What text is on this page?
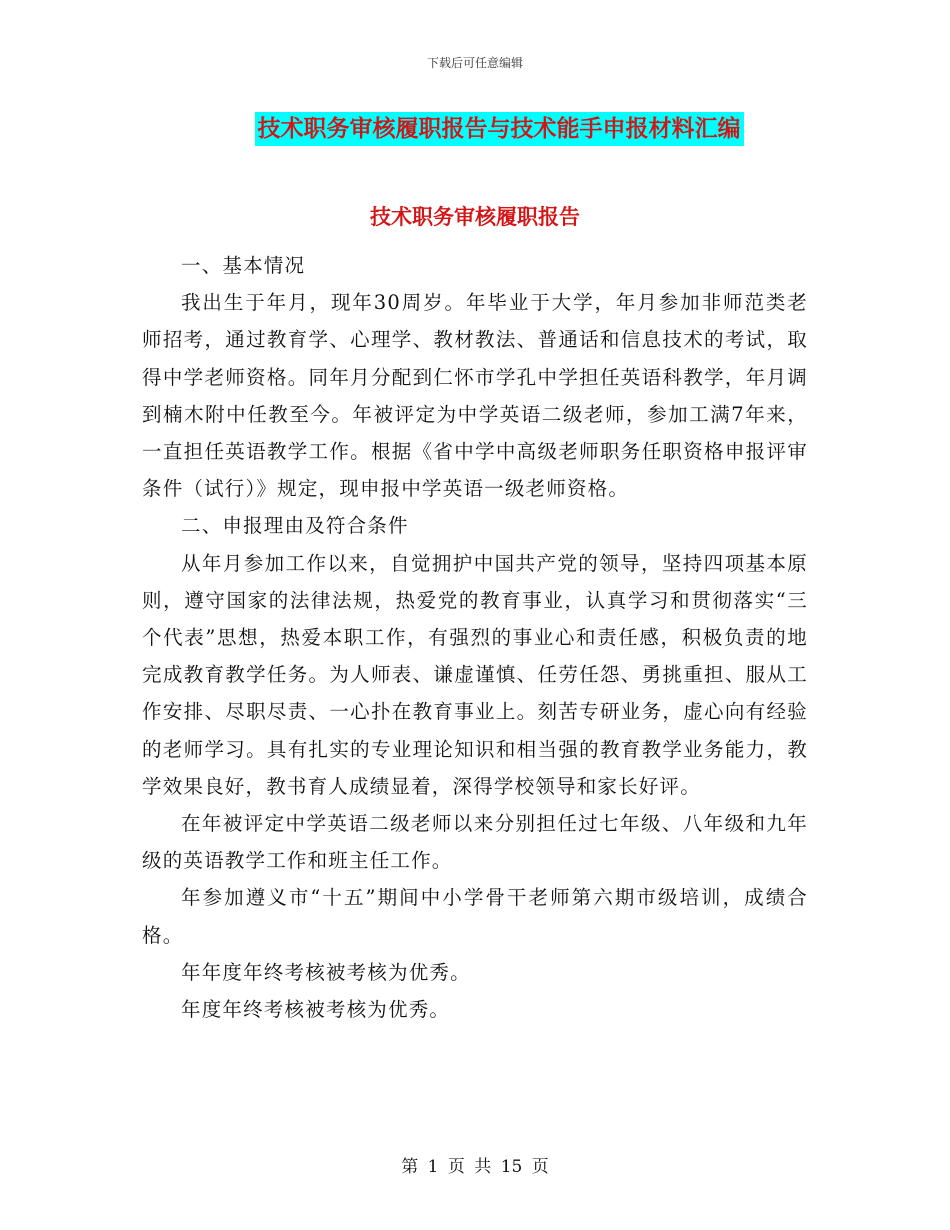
下载后可任意编辑
技术职务审核履职报告与技术能手申报材料汇编
技术职务审核履职报告

一、基本情况

我出生于年月，现年30周岁。年毕业于大学，年月参加非师范类老师招考，通过教育学、心理学、教材教法、普通话和信息技术的考试，取得中学老师资格。同年月分配到仁怀市学孔中学担任英语科教学，年月调到楠木附中任教至今。年被评定为中学英语二级老师，参加工满7年来，一直担任英语教学工作。根据《省中学中高级老师职务任职资格申报评审条件（试行）》规定，现申报中学英语一级老师资格。

二、申报理由及符合条件

从年月参加工作以来，自觉拥护中国共产党的领导，坚持四项基本原则，遵守国家的法律法规，热爱党的教育事业，认真学习和贯彻落实“三个代表”思想，热爱本职工作，有强烈的事业心和责任感，积极负责的地完成教育教学任务。为人师表、谦虚谨慎、任劳任怨、勇挑重担、服从工作安排、尽职尽责、一心扑在教育事业上。刻苦专研业务，虚心向有经验的老师学习。具有扎实的专业理论知识和相当强的教育教学业务能力，教学效果良好，教书育人成绩显着，深得学校领导和家长好评。

在年被评定中学英语二级老师以来分别担任过七年级、八年级和九年级的英语教学工作和班主任工作。

年参加遵义市“十五”期间中小学骨干老师第六期市级培训，成绩合格。

年年度年终考核被考核为优秀。

年度年终考核被考核为优秀。

第 1 页 共 15 页
